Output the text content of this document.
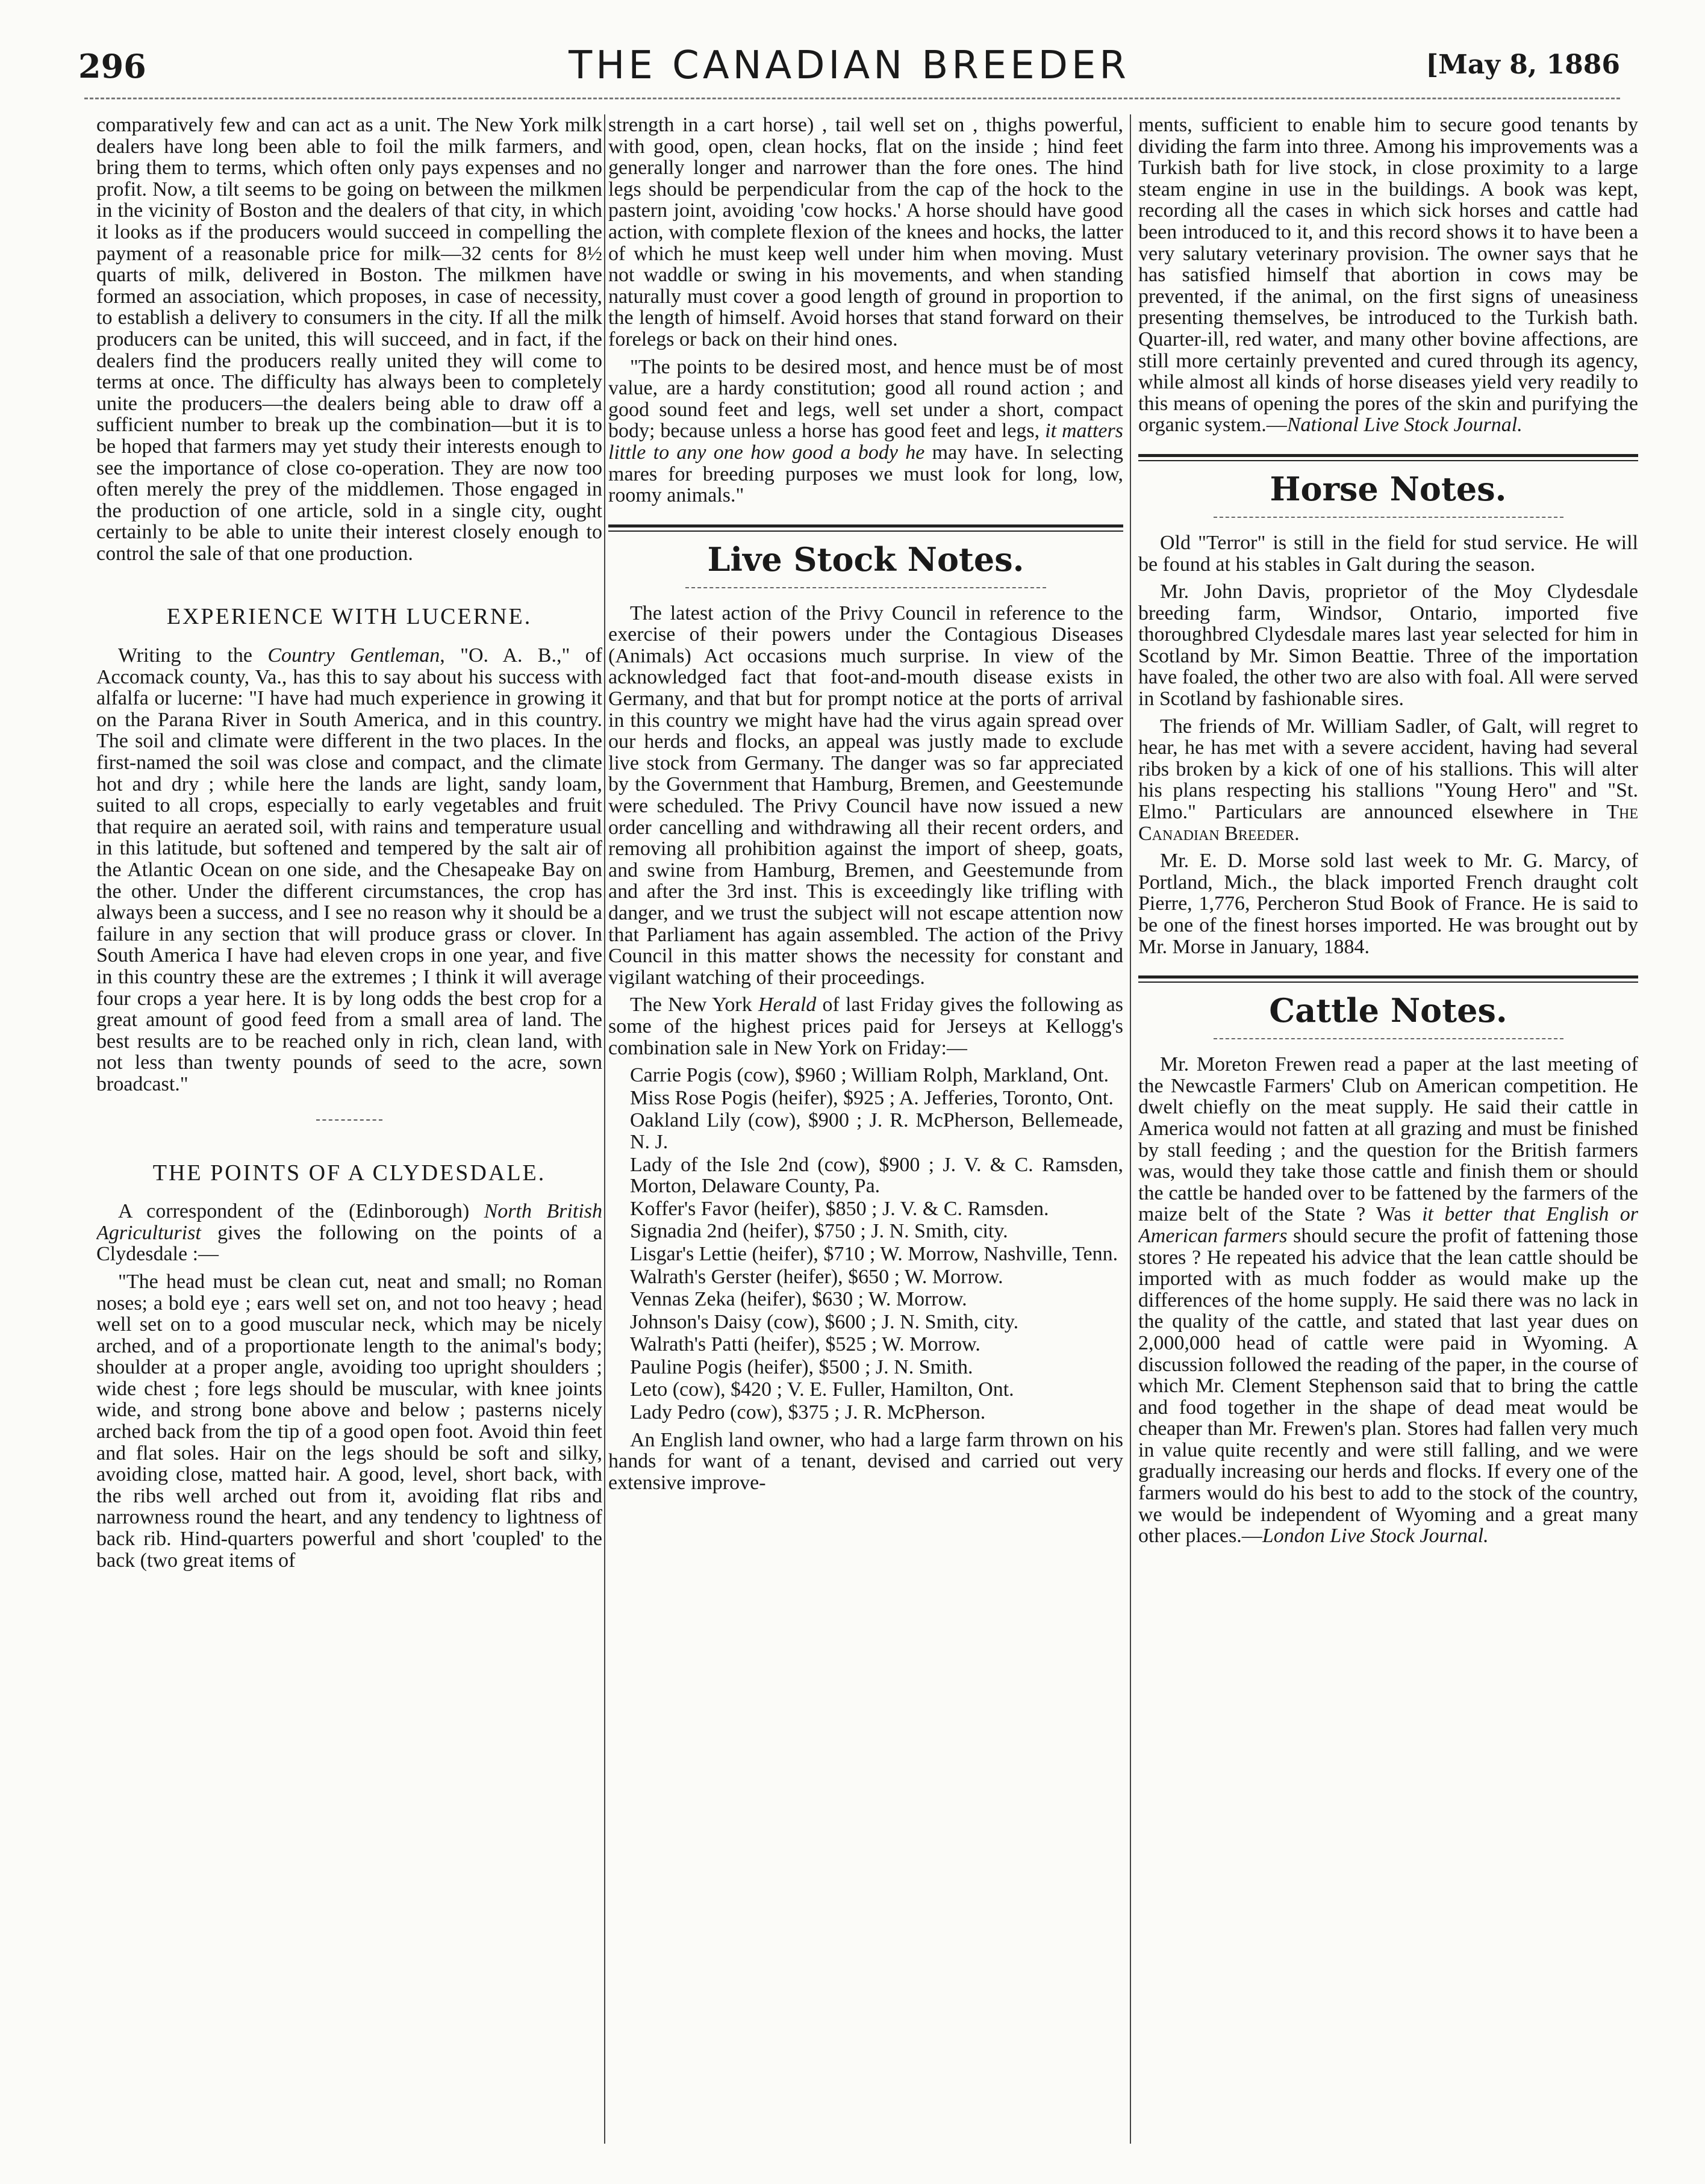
296	THE CANADIAN BREEDER	[May 8, 1886

comparatively few and can act as a unit. The New York milk dealers have long been able to foil the milk farmers, and bring them to terms, which often only pays expenses and no profit. Now, a tilt seems to be going on between the milkmen in the vicinity of Boston and the dealers of that city, in which it looks as if the producers would succeed in compelling the payment of a reasonable price for milk—32 cents for 8½ quarts of milk, delivered in Boston. The milkmen have formed an association, which proposes, in case of necessity, to establish a delivery to consumers in the city. If all the milk producers can be united, this will succeed, and in fact, if the dealers find the producers really united they will come to terms at once. The difficulty has always been to completely unite the producers—the dealers being able to draw off a sufficient number to break up the combination—but it is to be hoped that farmers may yet study their interests enough to see the importance of close co-operation. They are now too often merely the prey of the middlemen. Those engaged in the production of one article, sold in a single city, ought certainly to be able to unite their interest closely enough to control the sale of that one production.

EXPERIENCE WITH LUCERNE.

Writing to the Country Gentleman, "O. A. B.," of Accomack county, Va., has this to say about his success with alfalfa or lucerne: "I have had much experience in growing it on the Parana River in South America, and in this country. The soil and climate were different in the two places. In the first-named the soil was close and compact, and the climate hot and dry ; while here the lands are light, sandy loam, suited to all crops, especially to early vegetables and fruit that require an aerated soil, with rains and temperature usual in this latitude, but softened and tempered by the salt air of the Atlantic Ocean on one side, and the Chesapeake Bay on the other. Under the different circumstances, the crop has always been a success, and I see no reason why it should be a failure in any section that will produce grass or clover. In South America I have had eleven crops in one year, and five in this country these are the extremes ; I think it will average four crops a year here. It is by long odds the best crop for a great amount of good feed from a small area of land. The best results are to be reached only in rich, clean land, with not less than twenty pounds of seed to the acre, sown broadcast."

THE POINTS OF A CLYDESDALE.

A correspondent of the (Edinborough) North British Agriculturist gives the following on the points of a Clydesdale :—

"The head must be clean cut, neat and small; no Roman noses; a bold eye ; ears well set on, and not too heavy ; head well set on to a good muscular neck, which may be nicely arched, and of a proportionate length to the animal's body; shoulder at a proper angle, avoiding too upright shoulders ; wide chest ; fore legs should be muscular, with knee joints wide, and strong bone above and below ; pasterns nicely arched back from the tip of a good open foot. Avoid thin feet and flat soles. Hair on the legs should be soft and silky, avoiding close, matted hair. A good, level, short back, with the ribs well arched out from it, avoiding flat ribs and narrowness round the heart, and any tendency to lightness of back rib. Hind-quarters powerful and short 'coupled' to the back (two great items of

strength in a cart horse) , tail well set on , thighs powerful, with good, open, clean hocks, flat on the inside ; hind feet generally longer and narrower than the fore ones. The hind legs should be perpendicular from the cap of the hock to the pastern joint, avoiding 'cow hocks.' A horse should have good action, with complete flexion of the knees and hocks, the latter of which he must keep well under him when moving. Must not waddle or swing in his movements, and when standing naturally must cover a good length of ground in proportion to the length of himself. Avoid horses that stand forward on their forelegs or back on their hind ones.

"The points to be desired most, and hence must be of most value, are a hardy constitution; good all round action ; and good sound feet and legs, well set under a short, compact body; because unless a horse has good feet and legs, it matters little to any one how good a body he may have. In selecting mares for breeding purposes we must look for long, low, roomy animals."

Live Stock Notes.

The latest action of the Privy Council in reference to the exercise of their powers under the Contagious Diseases (Animals) Act occasions much surprise. In view of the acknowledged fact that foot-and-mouth disease exists in Germany, and that but for prompt notice at the ports of arrival in this country we might have had the virus again spread over our herds and flocks, an appeal was justly made to exclude live stock from Germany. The danger was so far appreciated by the Government that Hamburg, Bremen, and Geestemunde were scheduled. The Privy Council have now issued a new order cancelling and withdrawing all their recent orders, and removing all prohibition against the import of sheep, goats, and swine from Hamburg, Bremen, and Geestemunde from and after the 3rd inst. This is exceedingly like trifling with danger, and we trust the subject will not escape attention now that Parliament has again assembled. The action of the Privy Council in this matter shows the necessity for constant and vigilant watching of their proceedings.

The New York Herald of last Friday gives the following as some of the highest prices paid for Jerseys at Kellogg's combination sale in New York on Friday:—

Carrie Pogis (cow), $960 ; William Rolph, Markland, Ont.

Miss Rose Pogis (heifer), $925 ; A. Jefferies, Toronto, Ont.

Oakland Lily (cow), $900 ; J. R. McPherson, Bellemeade, N. J.

Lady of the Isle 2nd (cow), $900 ; J. V. & C. Ramsden, Morton, Delaware County, Pa.

Koffer's Favor (heifer), $850 ; J. V. & C. Ramsden.

Signadia 2nd (heifer), $750 ; J. N. Smith, city.

Lisgar's Lettie (heifer), $710 ; W. Morrow, Nashville, Tenn.

Walrath's Gerster (heifer), $650 ; W. Morrow.

Vennas Zeka (heifer), $630 ; W. Morrow.

Johnson's Daisy (cow), $600 ; J. N. Smith, city.

Walrath's Patti (heifer), $525 ; W. Morrow.

Pauline Pogis (heifer), $500 ; J. N. Smith.

Leto (cow), $420 ; V. E. Fuller, Hamilton, Ont.

Lady Pedro (cow), $375 ; J. R. McPherson.

An English land owner, who had a large farm thrown on his hands for want of a tenant, devised and carried out very extensive improve-

ments, sufficient to enable him to secure good tenants by dividing the farm into three. Among his improvements was a Turkish bath for live stock, in close proximity to a large steam engine in use in the buildings. A book was kept, recording all the cases in which sick horses and cattle had been introduced to it, and this record shows it to have been a very salutary veterinary provision. The owner says that he has satisfied himself that abortion in cows may be prevented, if the animal, on the first signs of uneasiness presenting themselves, be introduced to the Turkish bath. Quarter-ill, red water, and many other bovine affections, are still more certainly prevented and cured through its agency, while almost all kinds of horse diseases yield very readily to this means of opening the pores of the skin and purifying the organic system.—National Live Stock Journal.

Horse Notes.

Old "Terror" is still in the field for stud service. He will be found at his stables in Galt during the season.

Mr. John Davis, proprietor of the Moy Clydesdale breeding farm, Windsor, Ontario, imported five thoroughbred Clydesdale mares last year selected for him in Scotland by Mr. Simon Beattie. Three of the importation have foaled, the other two are also with foal. All were served in Scotland by fashionable sires.

The friends of Mr. William Sadler, of Galt, will regret to hear, he has met with a severe accident, having had several ribs broken by a kick of one of his stallions. This will alter his plans respecting his stallions "Young Hero" and "St. Elmo." Particulars are announced elsewhere in The Canadian Breeder.

Mr. E. D. Morse sold last week to Mr. G. Marcy, of Portland, Mich., the black imported French draught colt Pierre, 1,776, Percheron Stud Book of France. He is said to be one of the finest horses imported. He was brought out by Mr. Morse in January, 1884.

Cattle Notes.

Mr. Moreton Frewen read a paper at the last meeting of the Newcastle Farmers' Club on American competition. He dwelt chiefly on the meat supply. He said their cattle in America would not fatten at all grazing and must be finished by stall feeding ; and the question for the British farmers was, would they take those cattle and finish them or should the cattle be handed over to be fattened by the farmers of the maize belt of the State ? Was it better that English or American farmers should secure the profit of fattening those stores ? He repeated his advice that the lean cattle should be imported with as much fodder as would make up the differences of the home supply. He said there was no lack in the quality of the cattle, and stated that last year dues on 2,000,000 head of cattle were paid in Wyoming. A discussion followed the reading of the paper, in the course of which Mr. Clement Stephenson said that to bring the cattle and food together in the shape of dead meat would be cheaper than Mr. Frewen's plan. Stores had fallen very much in value quite recently and were still falling, and we were gradually increasing our herds and flocks. If every one of the farmers would do his best to add to the stock of the country, we would be independent of Wyoming and a great many other places.—London Live Stock Journal.
